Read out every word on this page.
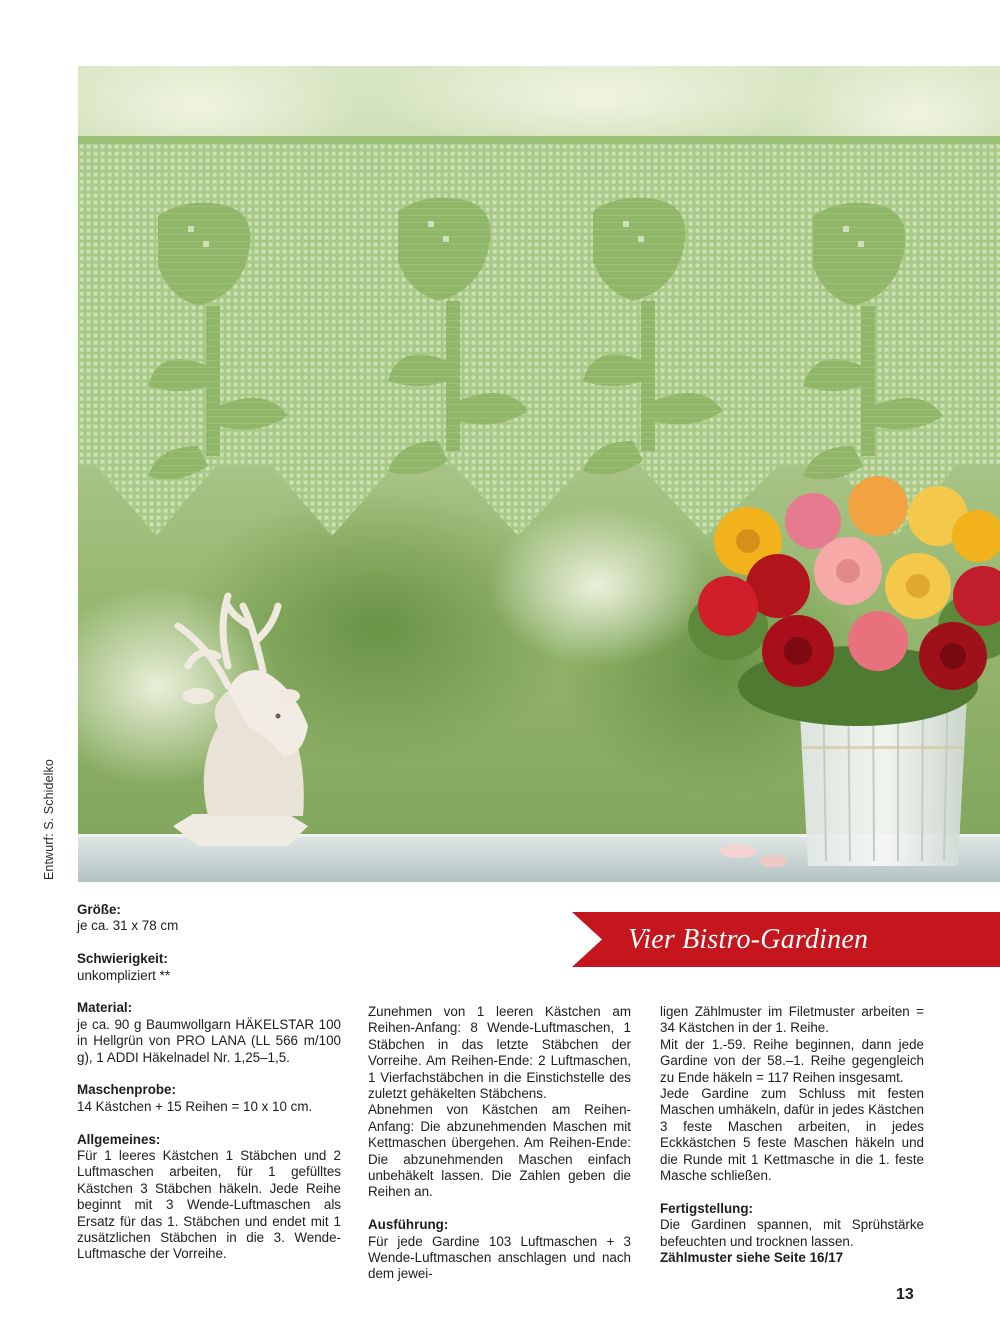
Entwurf: S. Schidelko
Vier Bistro-Gardinen
Größe:
je ca. 31 x 78 cm
Schwierigkeit:
unkompliziert **
Material:
je ca. 90 g Baumwollgarn HÄKELSTAR 100 in Hellgrün von PRO LANA (LL 566 m/100 g), 1 ADDI Häkelnadel Nr. 1,25–1,5.
Maschenprobe:
14 Kästchen + 15 Reihen = 10 x 10 cm.
Allgemeines:
Für 1 leeres Kästchen 1 Stäbchen und 2 Luftmaschen arbeiten, für 1 gefülltes Kästchen 3 Stäbchen häkeln. Jede Reihe beginnt mit 3 Wende-Luftmaschen als Ersatz für das 1. Stäbchen und endet mit 1 zusätzlichen Stäbchen in die 3. Wende-Luftmasche der Vorreihe.
Zunehmen von 1 leeren Kästchen am Reihen-Anfang: 8 Wende-Luftmaschen, 1 Stäbchen in das letzte Stäbchen der Vorreihe. Am Reihen-Ende: 2 Luftmaschen, 1 Vierfachstäbchen in die Einstichstelle des zuletzt gehäkelten Stäbchens.
Abnehmen von Kästchen am Reihen-Anfang: Die abzunehmenden Maschen mit Kettmaschen übergehen. Am Reihen-Ende: Die abzunehmenden Maschen einfach unbehäkelt lassen. Die Zahlen geben die Reihen an.
Ausführung:
Für jede Gardine 103 Luftmaschen + 3 Wende-Luftmaschen anschlagen und nach dem jewei-
ligen Zählmuster im Filetmuster arbeiten = 34 Kästchen in der 1. Reihe.
Mit der 1.-59. Reihe beginnen, dann jede Gardine von der 58.–1. Reihe gegengleich zu Ende häkeln = 117 Reihen insgesamt.
Jede Gardine zum Schluss mit festen Maschen umhäkeln, dafür in jedes Kästchen 3 feste Maschen arbeiten, in jedes Eckkästchen 5 feste Maschen häkeln und die Runde mit 1 Kettmasche in die 1. feste Masche schließen.
Fertigstellung:
Die Gardinen spannen, mit Sprühstärke befeuchten und trocknen lassen.
Zählmuster siehe Seite 16/17
13
